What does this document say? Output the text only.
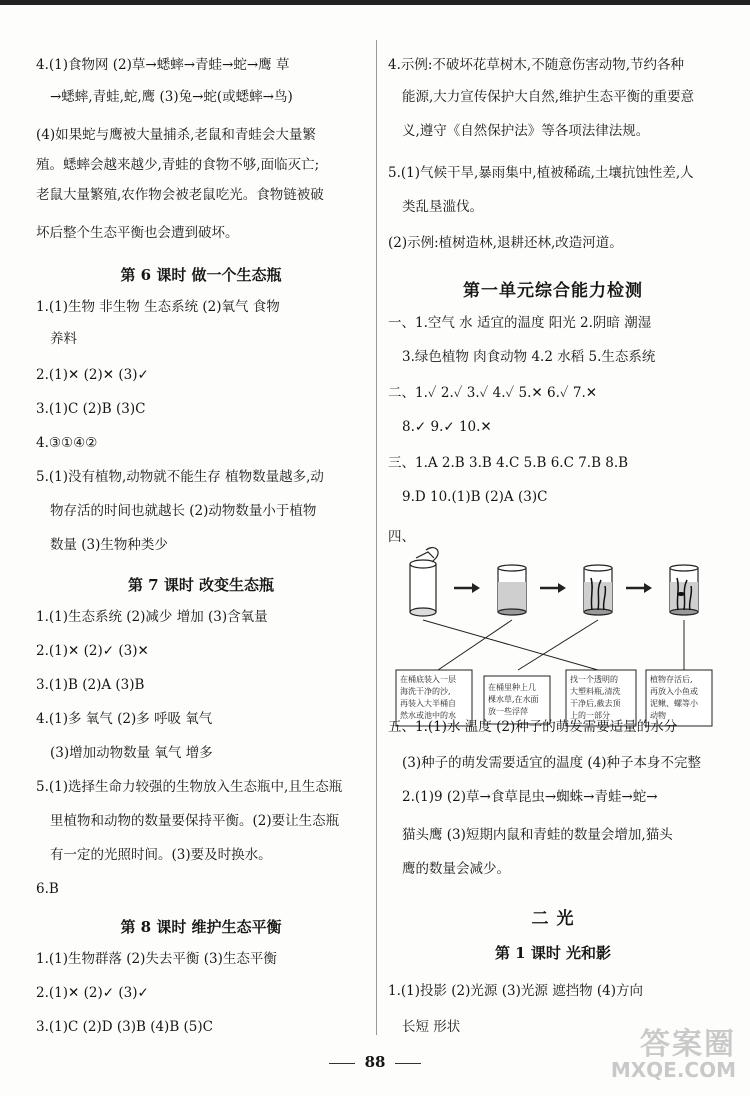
4.(1)食物网 (2)草→蟋蟀→青蛙→蛇→鹰 草
→蟋蟀,青蛙,蛇,鹰 (3)兔→蛇(或蟋蟀→鸟)
(4)如果蛇与鹰被大量捕杀,老鼠和青蛙会大量繁
殖。蟋蟀会越来越少,青蛙的食物不够,面临灭亡;
老鼠大量繁殖,农作物会被老鼠吃光。食物链被破
坏后整个生态平衡也会遭到破坏。
第 6 课时 做一个生态瓶
1.(1)生物 非生物 生态系统 (2)氧气 食物
养料
2.(1)✕ (2)✕ (3)✓
3.(1)C (2)B (3)C
4.③①④②
5.(1)没有植物,动物就不能生存 植物数量越多,动
物存活的时间也就越长 (2)动物数量小于植物
数量 (3)生物种类少
第 7 课时 改变生态瓶
1.(1)生态系统 (2)减少 增加 (3)含氧量
2.(1)✕ (2)✓ (3)✕
3.(1)B (2)A (3)B
4.(1)多 氧气 (2)多 呼吸 氧气
(3)增加动物数量 氧气 增多
5.(1)选择生命力较强的生物放入生态瓶中,且生态瓶
里植物和动物的数量要保持平衡。(2)要让生态瓶
有一定的光照时间。(3)要及时换水。
6.B
第 8 课时 维护生态平衡
1.(1)生物群落 (2)失去平衡 (3)生态平衡
2.(1)✕ (2)✓ (3)✓
3.(1)C (2)D (3)B (4)B (5)C
4.示例:不破坏花草树木,不随意伤害动物,节约各种
能源,大力宣传保护大自然,维护生态平衡的重要意
义,遵守《自然保护法》等各项法律法规。
5.(1)气候干旱,暴雨集中,植被稀疏,土壤抗蚀性差,人
类乱垦滥伐。
(2)示例:植树造林,退耕还林,改造河道。
第一单元综合能力检测
一、1.空气 水 适宜的温度 阳光 2.阴暗 潮湿
3.绿色植物 肉食动物 4.2 水稻 5.生态系统
二、1.✓ 2.✓ 3.✓ 4.✓ 5.✕ 6.✓ 7.✕
8.✓ 9.✓ 10.✕
三、1.A 2.B 3.B 4.C 5.B 6.C 7.B 8.B
9.D 10.(1)B (2)A (3)C
四、
在桶底装入一层
海洗干净的沙,
再装入大半桶自
然水或池中的水
在桶里种上几
棵水草,在水面
放一些浮萍
找一个透明的
大塑料瓶,清洗
干净后,截去顶
上的一部分
植物存活后,
再放入小鱼或
泥鳅、螺等小
动物
五、1.(1)水 温度 (2)种子的萌发需要适量的水分
(3)种子的萌发需要适宜的温度 (4)种子本身不完整
2.(1)9 (2)草→食草昆虫→蜘蛛→青蛙→蛇→
猫头鹰 (3)短期内鼠和青蛙的数量会增加,猫头
鹰的数量会减少。
二 光
第 1 课时 光和影
1.(1)投影 (2)光源 (3)光源 遮挡物 (4)方向
长短 形状
88	答案圈
MXQE.COM
